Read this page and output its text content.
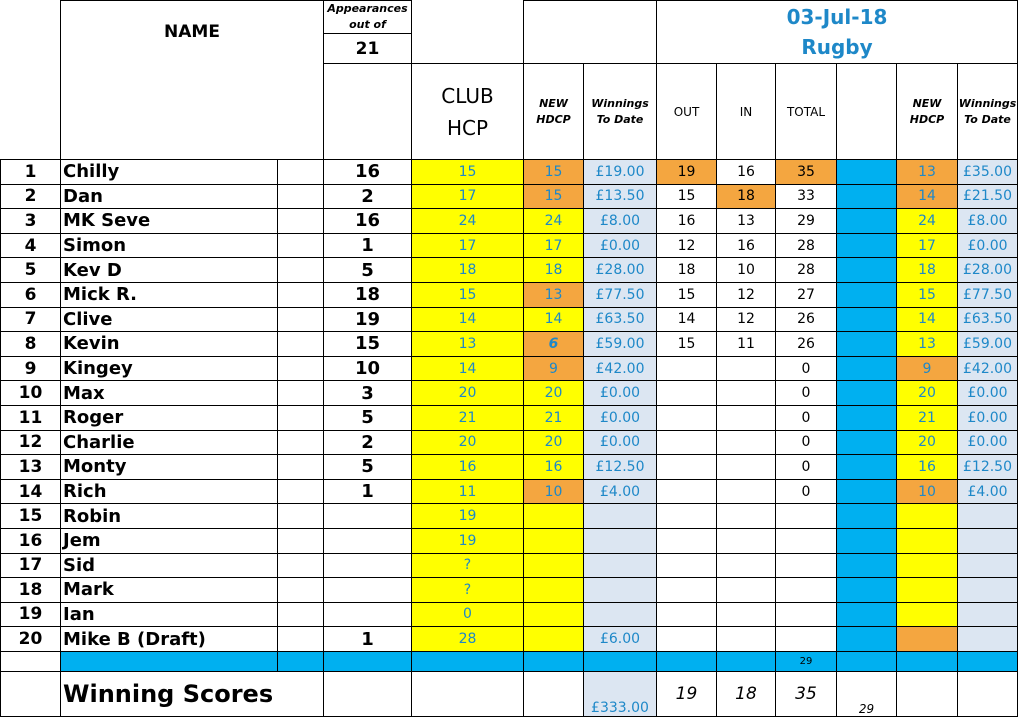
	NAME		Appearances out of				03-Jul-18
Rugby					

			21									

				CLUB
HCP	NEW HDCP	Winnings To Date	OUT	IN	TOTAL		NEW HDCP	Winnings To Date
1	Chilly		16	15	15	£19.00	19	16	35		13	£35.00
2	Dan		2	17	15	£13.50	15	18	33		14	£21.50
3	MK Seve		16	24	24	£8.00	16	13	29		24	£8.00
4	Simon		1	17	17	£0.00	12	16	28		17	£0.00
5	Kev D		5	18	18	£28.00	18	10	28		18	£28.00
6	Mick R.		18	15	13	£77.50	15	12	27		15	£77.50
7	Clive		19	14	14	£63.50	14	12	26		14	£63.50
8	Kevin		15	13	6	£59.00	15	11	26		13	£59.00
9	Kingey		10	14	9	£42.00			0		9	£42.00
10	Max		3	20	20	£0.00			0		20	£0.00
11	Roger		5	21	21	£0.00			0		21	£0.00
12	Charlie		2	20	20	£0.00			0		20	£0.00
13	Monty		5	16	16	£12.50			0		16	£12.50
14	Rich		1	11	10	£4.00			0		10	£4.00
15	Robin			19								
16	Jem			19								
17	Sid			?								
18	Mark			?								
19	Ian			0								
20	Mike B (Draft)		1	28		£6.00						
									29			
	Winning Scores					£333.00	19	18	35	29		
